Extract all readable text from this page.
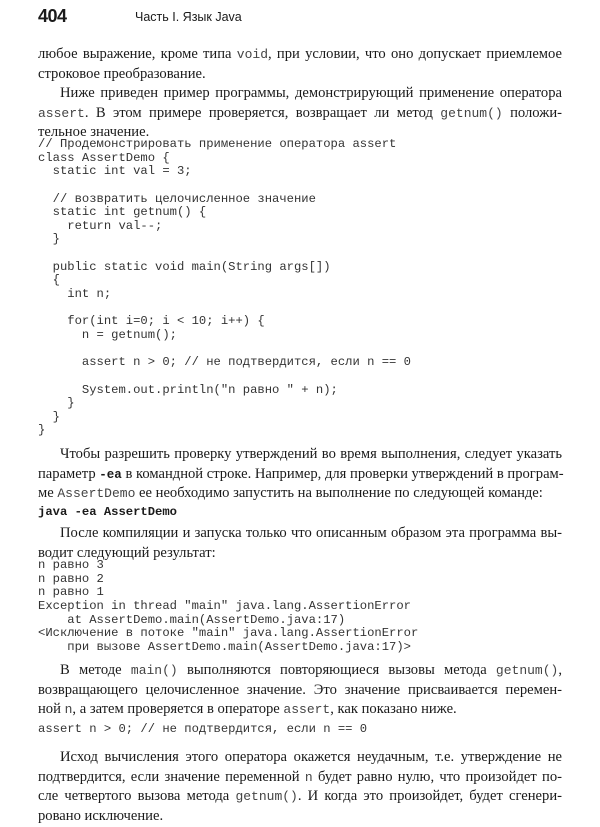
404	Часть I. Язык Java
любое выражение, кроме типа void, при условии, что оно допускает приемлемое
строковое преобразование.
Ниже приведен пример программы, демонстрирующий применение оператора
assert. В этом примере проверяется, возвращает ли метод getnum() положи-
тельное значение.
// Продемонстрировать применение оператора assert
class AssertDemo {
static int val = 3;
// возвратить целочисленное значение
static int getnum() {
return val--;
}
public static void main(String args[])
{
int n;
for(int i=0; i < 10; i++) {
n = getnum();
assert n > 0; // не подтвердится, если n == 0
System.out.println("n равно " + n);
}
}
}
Чтобы разрешить проверку утверждений во время выполнения, следует указать
параметр -ea в командной строке. Например, для проверки утверждений в програм-
ме AssertDemo ее необходимо запустить на выполнение по следующей команде:
java -ea AssertDemo
После компиляции и запуска только что описанным образом эта программа вы-
водит следующий результат:
n равно 3
n равно 2
n равно 1
Exception in thread "main" java.lang.AssertionError
at AssertDemo.main(AssertDemo.java:17)
<Исключение в потоке "main" java.lang.AssertionError
при вызове AssertDemo.main(AssertDemo.java:17)>
В методе main() выполняются повторяющиеся вызовы метода getnum(),
возвращающего целочисленное значение. Это значение присваивается перемен-
ной n, а затем проверяется в операторе assert, как показано ниже.
assert n > 0; // не подтвердится, если n == 0
Исход вычисления этого оператора окажется неудачным, т.е. утверждение не
подтвердится, если значение переменной n будет равно нулю, что произойдет по-
сле четвертого вызова метода getnum(). И когда это произойдет, будет сгенери-
ровано исключение.
